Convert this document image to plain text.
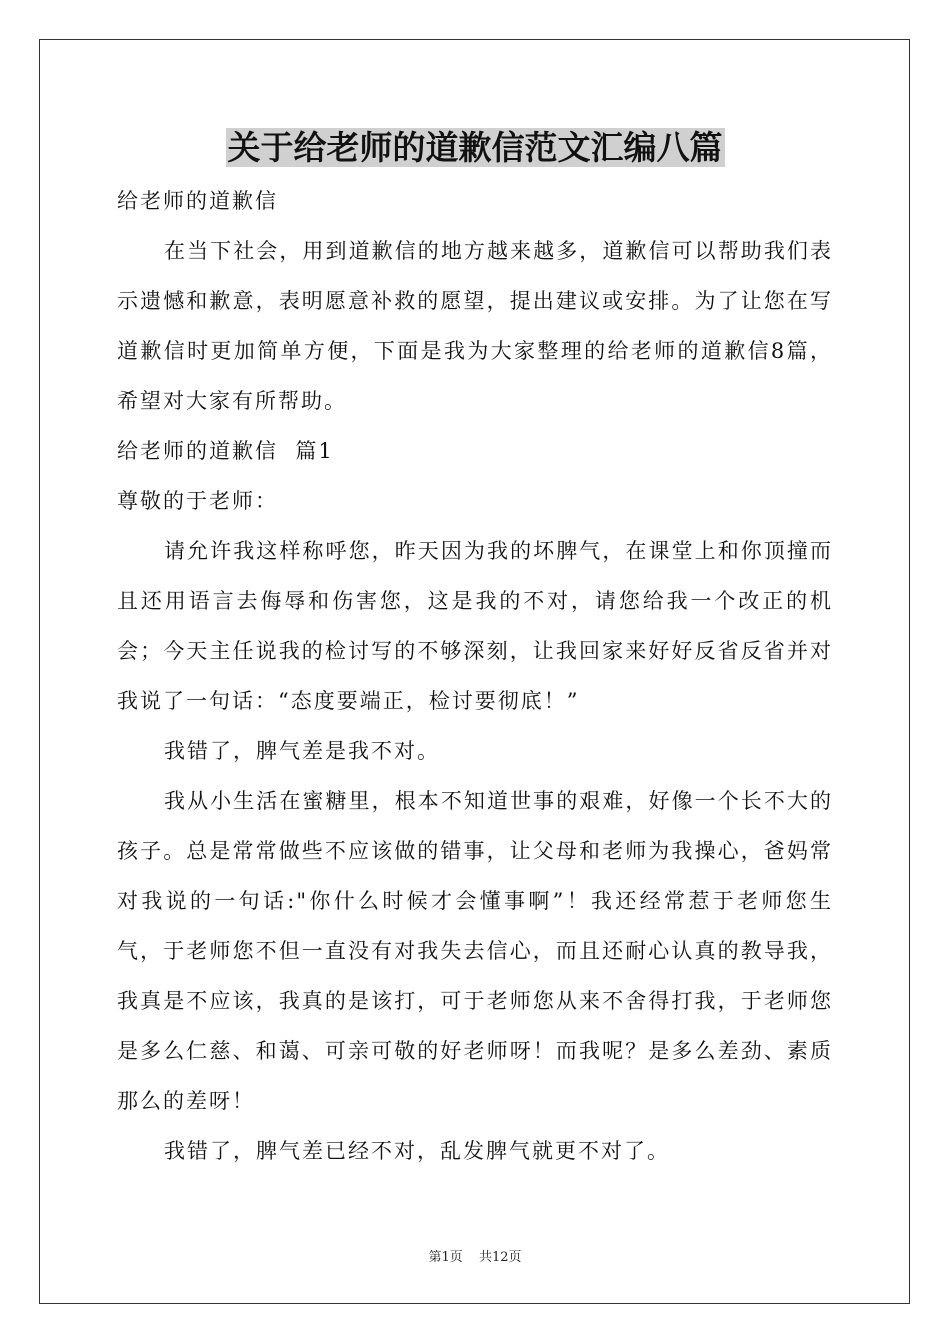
关于给老师的道歉信范文汇编八篇

给老师的道歉信

在当下社会，用到道歉信的地方越来越多，道歉信可以帮助我们表示遗憾和歉意，表明愿意补救的愿望，提出建议或安排。为了让您在写道歉信时更加简单方便，下面是我为大家整理的给老师的道歉信8篇，希望对大家有所帮助。

给老师的道歉信  篇1

尊敬的于老师：

请允许我这样称呼您，昨天因为我的坏脾气，在课堂上和你顶撞而且还用语言去侮辱和伤害您，这是我的不对，请您给我一个改正的机会；今天主任说我的检讨写的不够深刻，让我回家来好好反省反省并对我说了一句话：“态度要端正，检讨要彻底！”

我错了，脾气差是我不对。

我从小生活在蜜糖里，根本不知道世事的艰难，好像一个长不大的孩子。总是常常做些不应该做的错事，让父母和老师为我操心，爸妈常对我说的一句话:"你什么时候才会懂事啊”！我还经常惹于老师您生气，于老师您不但一直没有对我失去信心，而且还耐心认真的教导我，我真是不应该，我真的是该打，可于老师您从来不舍得打我，于老师您是多么仁慈、和蔼、可亲可敬的好老师呀！而我呢？是多么差劲、素质那么的差呀！

我错了，脾气差已经不对，乱发脾气就更不对了。

第1页 共12页
